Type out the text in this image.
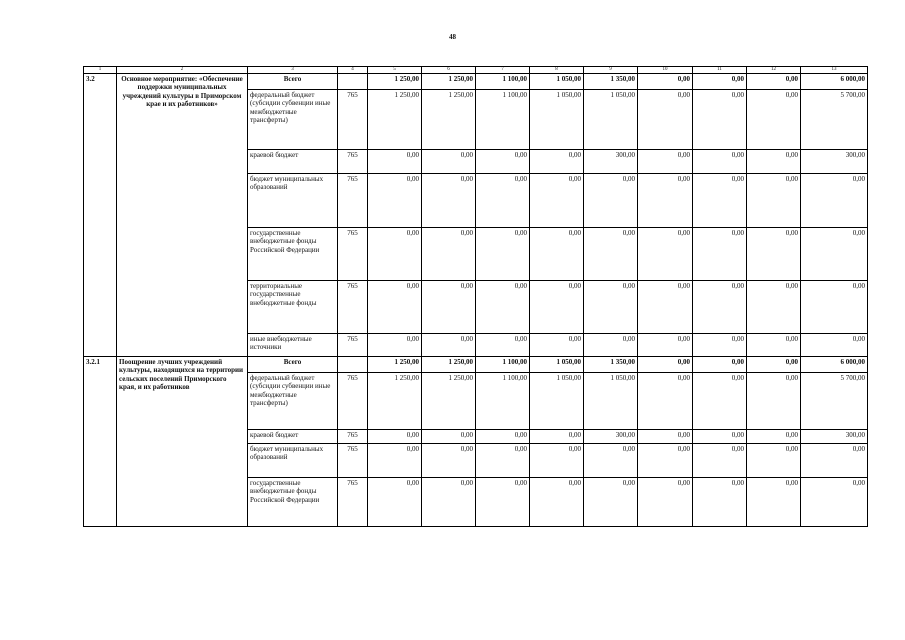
48
1	2	3	4	5	6	7	8	9	10	11	12	13
3.2	Основное мероприятие: «Обеспечение поддержки муниципальных учреждений культуры в Приморском крае и их работников»	Всего		1 250,00	1 250,00	1 100,00	1 050,00	1 350,00	0,00	0,00	0,00	6 000,00
		федеральный бюджет (субсидии субвенции иные межбюджетные трансферты)	765	1 250,00	1 250,00	1 100,00	1 050,00	1 050,00	0,00	0,00	0,00	5 700,00
		краевой бюджет	765	0,00	0,00	0,00	0,00	300,00	0,00	0,00	0,00	300,00
		бюджет муниципальных образований	765	0,00	0,00	0,00	0,00	0,00	0,00	0,00	0,00	0,00
		государственные внебюджетные фонды Российской Федерации	765	0,00	0,00	0,00	0,00	0,00	0,00	0,00	0,00	0,00
		территориальные государственные внебюджетные фонды	765	0,00	0,00	0,00	0,00	0,00	0,00	0,00	0,00	0,00
		иные внебюджетные источники	765	0,00	0,00	0,00	0,00	0,00	0,00	0,00	0,00	0,00
3.2.1	Поощрение лучших учреждений культуры, находящихся на территории сельских поселений Приморского края, и их работников	Всего		1 250,00	1 250,00	1 100,00	1 050,00	1 350,00	0,00	0,00	0,00	6 000,00
		федеральный бюджет (субсидии субвенции иные межбюджетные трансферты)	765	1 250,00	1 250,00	1 100,00	1 050,00	1 050,00	0,00	0,00	0,00	5 700,00
		краевой бюджет	765	0,00	0,00	0,00	0,00	300,00	0,00	0,00	0,00	300,00
		бюджет муниципальных образований	765	0,00	0,00	0,00	0,00	0,00	0,00	0,00	0,00	0,00
		государственные внебюджетные фонды Российской Федерации	765	0,00	0,00	0,00	0,00	0,00	0,00	0,00	0,00	0,00
